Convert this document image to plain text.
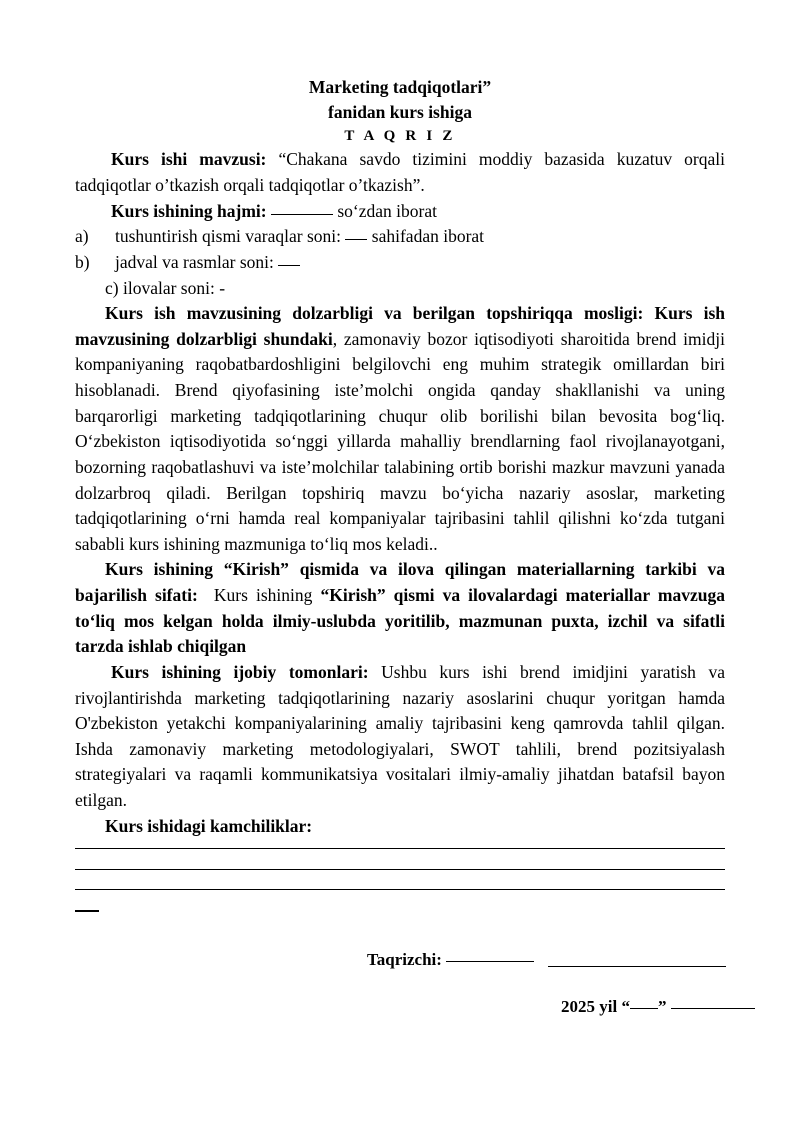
Marketing tadqiqotlari”
fanidan kurs ishiga
T A Q R I Z

Kurs ishi mavzusi: “Chakana savdo tizimini moddiy bazasida kuzatuv orqali tadqiqotlar o’tkazish orqali tadqiqotlar o’tkazish”.

Kurs ishining hajmi:	so‘zdan iborat

a) tushuntirish qismi varaqlar soni: sahifadan iborat
b) jadval va rasmlar soni:
c) ilovalar soni: -

Kurs ish mavzusining dolzarbligi va berilgan topshiriqqa mosligi: Kurs ish mavzusining dolzarbligi shundaki, zamonaviy bozor iqtisodiyoti sharoitida brend imidji kompaniyaning raqobatbardoshligini belgilovchi eng muhim strategik omillardan biri hisoblanadi. Brend qiyofasining iste’molchi ongida qanday shakllanishi va uning barqarorligi marketing tadqiqotlarining chuqur olib borilishi bilan bevosita bog‘liq. O‘zbekiston iqtisodiyotida so‘nggi yillarda mahalliy brendlarning faol rivojlanayotgani, bozorning raqobatlashuvi va iste’molchilar talabining ortib borishi mazkur mavzuni yanada dolzarbroq qiladi. Berilgan topshiriq mavzu bo‘yicha nazariy asoslar, marketing tadqiqotlarining o‘rni hamda real kompaniyalar tajribasini tahlil qilishni ko‘zda tutgani sababli kurs ishining mazmuniga to‘liq mos keladi..

Kurs ishining “Kirish” qismida va ilova qilingan materiallarning tarkibi va bajarilish sifati: Kurs ishining “Kirish” qismi va ilovalardagi materiallar mavzuga to‘liq mos kelgan holda ilmiy-uslubda yoritilib, mazmunan puxta, izchil va sifatli tarzda ishlab chiqilgan

Kurs ishining ijobiy tomonlari: Ushbu kurs ishi brend imidjini yaratish va rivojlantirishda marketing tadqiqotlarining nazariy asoslarini chuqur yoritgan hamda O'zbekiston yetakchi kompaniyalarining amaliy tajribasini keng qamrovda tahlil qilgan. Ishda zamonaviy marketing metodologiyalari, SWOT tahlili, brend pozitsiyalash strategiyalari va raqamli kommunikatsiya vositalari ilmiy-amaliy jihatdan batafsil bayon etilgan.

Kurs ishidagi kamchiliklar:

Taqrizchi:
2025 yil “ ”
